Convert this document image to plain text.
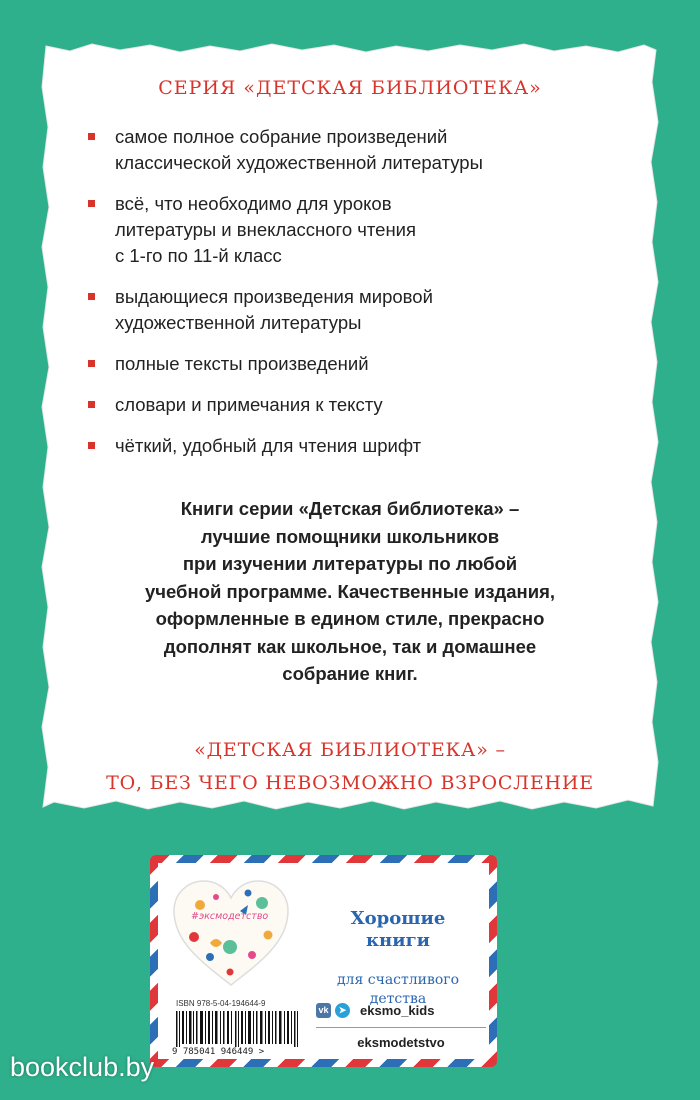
СЕРИЯ «ДЕТСКАЯ БИБЛИОТЕКА»
самое полное собрание произведений
классической художественной литературы
всё, что необходимо для уроков
литературы и внеклассного чтения
с 1-го по 11-й класс
выдающиеся произведения мировой
художественной литературы
полные тексты произведений
словари и примечания к тексту
чёткий, удобный для чтения шрифт
Книги серии «Детская библиотека» –
лучшие помощники школьников
при изучении литературы по любой
учебной программе. Качественные издания,
оформленные в едином стиле, прекрасно
дополнят как школьное, так и домашнее
собрание книг.
«ДЕТСКАЯ БИБЛИОТЕКА» –
ТО, БЕЗ ЧЕГО НЕВОЗМОЖНО ВЗРОСЛЕНИЕ
#эксмодетство
ISBN 978-5-04-194644-9
9 785041 946449 >

Хорошие
книги

для счастливого
детства

vk	➤ eksmo_kids
eksmodetstvo
bookclub.by
